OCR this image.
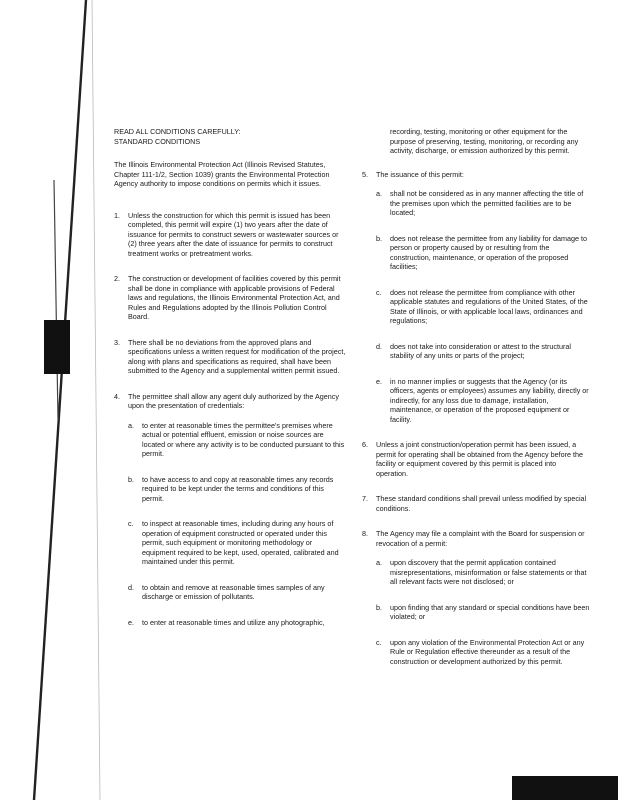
READ ALL CONDITIONS CAREFULLY:
STANDARD CONDITIONS
The Illinois Environmental Protection Act (Illinois Revised Statutes, Chapter 111-1/2, Section 1039) grants the Environmental Protection Agency authority to impose conditions on permits which it issues.
1.	Unless the construction for which this permit is issued has been completed, this permit will expire (1) two years after the date of issuance for permits to construct sewers or wastewater sources or (2) three years after the date of issuance for permits to construct treatment works or pretreatment works.
2.	The construction or development of facilities covered by this permit shall be done in compliance with applicable provisions of Federal laws and regulations, the Illinois Environmental Protection Act, and Rules and Regulations adopted by the Illinois Pollution Control Board.
3.	There shall be no deviations from the approved plans and specifications unless a written request for modification of the project, along with plans and specifications as required, shall have been submitted to the Agency and a supplemental written permit issued.
4.	The permittee shall allow any agent duly authorized by the Agency upon the presentation of credentials:
a.	to enter at reasonable times the permittee's premises where actual or potential effluent, emission or noise sources are located or where any activity is to be conducted pursuant to this permit.
b.	to have access to and copy at reasonable times any records required to be kept under the terms and conditions of this permit.
c.	to inspect at reasonable times, including during any hours of operation of equipment constructed or operated under this permit, such equipment or monitoring methodology or equipment required to be kept, used, operated, calibrated and maintained under this permit.
d.	to obtain and remove at reasonable times samples of any discharge or emission of pollutants.
e.	to enter at reasonable times and utilize any photographic,
recording, testing, monitoring or other equipment for the purpose of preserving, testing, monitoring, or recording any activity, discharge, or emission authorized by this permit.
5.	The issuance of this permit:
a.	shall not be considered as in any manner affecting the title of the premises upon which the permitted facilities are to be located;
b.	does not release the permittee from any liability for damage to person or property caused by or resulting from the construction, maintenance, or operation of the proposed facilities;
c.	does not release the permittee from compliance with other applicable statutes and regulations of the United States, of the State of Illinois, or with applicable local laws, ordinances and regulations;
d.	does not take into consideration or attest to the structural stability of any units or parts of the project;
e.	in no manner implies or suggests that the Agency (or its officers, agents or employees) assumes any liability, directly or indirectly, for any loss due to damage, installation, maintenance, or operation of the proposed equipment or facility.
6.	Unless a joint construction/operation permit has been issued, a permit for operating shall be obtained from the Agency before the facility or equipment covered by this permit is placed into operation.
7.	These standard conditions shall prevail unless modified by special conditions.
8.	The Agency may file a complaint with the Board for suspension or revocation of a permit:
a.	upon discovery that the permit application contained misrepresentations, misinformation or false statements or that all relevant facts were not disclosed; or
b.	upon finding that any standard or special conditions have been violated; or
c.	upon any violation of the Environmental Protection Act or any Rule or Regulation effective thereunder as a result of the construction or development authorized by this permit.
